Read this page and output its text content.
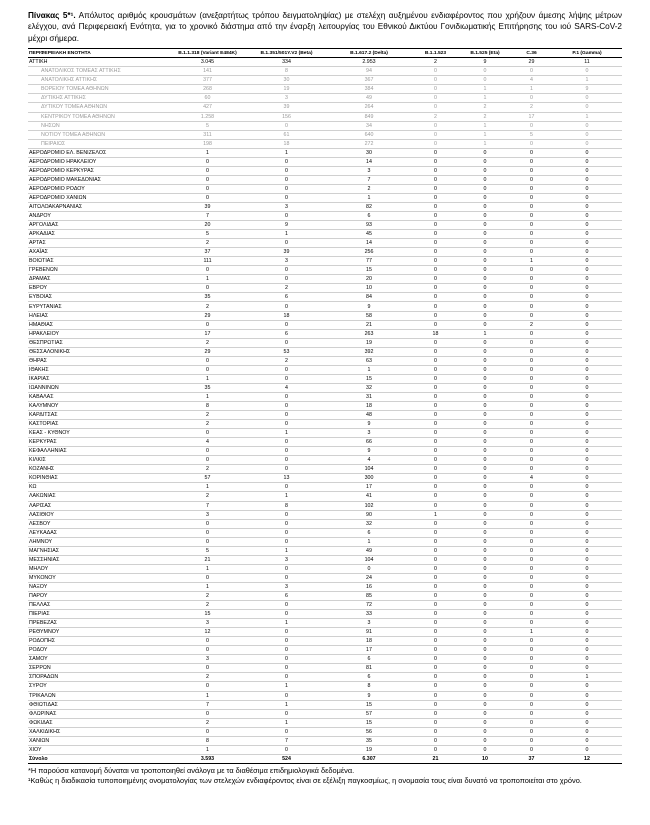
Πίνακας 5*¹. Απόλυτος αριθμός κρουσμάτων (ανεξαρτήτως τρόπου δειγματοληψίας) με στελέχη αυξημένου ενδιαφέροντος που χρήζουν άμεσης λήψης μέτρων ελέγχου, ανά Περιφερειακή Ενότητα, για το χρονικό διάστημα από την έναρξη λειτουργίας του Εθνικού Δικτύου Γονιδιωματικής Επιτήρησης του ιού SARS-CoV-2 μέχρι σήμερα.

ΠΕΡΙΦΕΡΕΙΑΚΗ ΕΝΟΤΗΤΑ	B.1.1.318 (Variant E484K)	B.1.351/501Y.V2 (Beta)	B.1.617.2 (Delta)	B.1.1.523	B.1.525 (Eta)	C.36	P.1 (Gamma)
ΑΤΤΙΚΗ	3.045	334	2.953	2	9	29	11
ΑΝΑΤΟΛΙΚΟΣ ΤΟΜΕΑΣ ΑΤΤΙΚΗΣ	141	8	94	0	0	0	0
ΑΝΑΤΟΛΙΚΗΣ ΑΤΤΙΚΗΣ	377	30	367	0	0	4	1
ΒΟΡΕΙΟΥ ΤΟΜΕΑ ΑΘΗΝΩΝ	268	19	384	0	1	1	9
ΔΥΤΙΚΗΣ ΑΤΤΙΚΗΣ	60	3	49	0	1	0	0
ΔΥΤΙΚΟΥ ΤΟΜΕΑ ΑΘΗΝΩΝ	427	39	264	0	2	2	0
ΚΕΝΤΡΙΚΟΥ ΤΟΜΕΑ ΑΘΗΝΩΝ	1.258	156	849	2	2	17	1
ΝΗΣΩΝ	5	0	34	0	1	0	0
ΝΟΤΙΟΥ ΤΟΜΕΑ ΑΘΗΝΩΝ	311	61	640	0	1	5	0
ΠΕΙΡΑΙΩΣ	198	18	272	0	1	0	0
ΑΕΡΟΔΡΟΜΙΟ ΕΛ. ΒΕΝΙΖΕΛΟΣ	1	1	30	0	0	0	0
ΑΕΡΟΔΡΟΜΙΟ ΗΡΑΚΛΕΙΟΥ	0	0	14	0	0	0	0
ΑΕΡΟΔΡΟΜΙΟ ΚΕΡΚΥΡΑΣ	0	0	3	0	0	0	0
ΑΕΡΟΔΡΟΜΙΟ ΜΑΚΕΔΟΝΙΑΣ	0	0	7	0	0	0	0
ΑΕΡΟΔΡΟΜΙΟ ΡΟΔΟΥ	0	0	2	0	0	0	0
ΑΕΡΟΔΡΟΜΙΟ ΧΑΝΙΩΝ	0	0	1	0	0	0	0
ΑΙΤΩΛΟΑΚΑΡΝΑΝΙΑΣ	39	3	82	0	0	0	0
ΑΝΔΡΟΥ	7	0	6	0	0	0	0
ΑΡΓΟΛΙΔΑΣ	20	9	93	0	0	0	0
ΑΡΚΑΔΙΑΣ	5	1	45	0	0	0	0
ΑΡΤΑΣ	2	0	14	0	0	0	0
ΑΧΑΪΑΣ	37	39	256	0	0	0	0
ΒΟΙΩΤΙΑΣ	111	3	77	0	0	1	0
ΓΡΕΒΕΝΩΝ	0	0	15	0	0	0	0
ΔΡΑΜΑΣ	1	0	20	0	0	0	0
ΕΒΡΟΥ	0	2	10	0	0	0	0
ΕΥΒΟΙΑΣ	35	6	84	0	0	0	0
ΕΥΡΥΤΑΝΙΑΣ	2	0	9	0	0	0	0
ΗΛΕΙΑΣ	29	18	58	0	0	0	0
ΗΜΑΘΙΑΣ	0	0	21	0	0	2	0
ΗΡΑΚΛΕΙΟΥ	17	6	263	18	1	0	0
ΘΕΣΠΡΩΤΙΑΣ	2	0	19	0	0	0	0
ΘΕΣΣΑΛΟΝΙΚΗΣ	29	53	392	0	0	0	0
ΘΗΡΑΣ	0	2	63	0	0	0	0
ΙΘΑΚΗΣ	0	0	1	0	0	0	0
ΙΚΑΡΙΑΣ	1	0	15	0	0	0	0
ΙΩΑΝΝΙΝΩΝ	35	4	32	0	0	0	0
ΚΑΒΑΛΑΣ	1	0	31	0	0	0	0
ΚΑΛΥΜΝΟΥ	8	0	18	0	0	0	0
ΚΑΡΔΙΤΣΑΣ	2	0	48	0	0	0	0
ΚΑΣΤΟΡΙΑΣ	2	0	9	0	0	0	0
ΚΕΑΣ - ΚΥΘΝΟΥ	0	1	3	0	0	0	0
ΚΕΡΚΥΡΑΣ	4	0	66	0	0	0	0
ΚΕΦΑΛΛΗΝΙΑΣ	0	0	9	0	0	0	0
ΚΙΛΚΙΣ	0	0	4	0	0	0	0
ΚΟΖΑΝΗΣ	2	0	104	0	0	0	0
ΚΟΡΙΝΘΙΑΣ	57	13	300	0	0	4	0
ΚΩ	1	0	17	0	0	0	0
ΛΑΚΩΝΙΑΣ	2	1	41	0	0	0	0
ΛΑΡΙΣΑΣ	7	8	102	0	0	0	0
ΛΑΣΙΘΙΟΥ	3	0	90	1	0	0	0
ΛΕΣΒΟΥ	0	0	32	0	0	0	0
ΛΕΥΚΑΔΑΣ	0	0	6	0	0	0	0
ΛΗΜΝΟΥ	0	0	1	0	0	0	0
ΜΑΓΝΗΣΙΑΣ	5	1	49	0	0	0	0
ΜΕΣΣΗΝΙΑΣ	21	3	104	0	0	0	0
ΜΗΛΟΥ	1	0	0	0	0	0	0
ΜΥΚΟΝΟΥ	0	0	24	0	0	0	0
ΝΑΞΟΥ	1	3	16	0	0	0	0
ΠΑΡΟΥ	2	6	85	0	0	0	0
ΠΕΛΛΑΣ	2	0	72	0	0	0	0
ΠΙΕΡΙΑΣ	15	0	33	0	0	0	0
ΠΡΕΒΕΖΑΣ	3	1	3	0	0	0	0
ΡΕΘΥΜΝΟΥ	12	0	91	0	0	1	0
ΡΟΔΟΠΗΣ	0	0	18	0	0	0	0
ΡΟΔΟΥ	0	0	17	0	0	0	0
ΣΑΜΟΥ	3	0	6	0	0	0	0
ΣΕΡΡΩΝ	0	0	81	0	0	0	0
ΣΠΟΡΑΔΩΝ	2	0	6	0	0	0	1
ΣΥΡΟΥ	0	1	8	0	0	0	0
ΤΡΙΚΑΛΩΝ	1	0	9	0	0	0	0
ΦΘΙΩΤΙΔΑΣ	7	1	15	0	0	0	0
ΦΛΩΡΙΝΑΣ	0	0	57	0	0	0	0
ΦΩΚΙΔΑΣ	2	1	15	0	0	0	0
ΧΑΛΚΙΔΙΚΗΣ	0	0	56	0	0	0	0
ΧΑΝΙΩΝ	8	7	35	0	0	0	0
ΧΙΟΥ	1	0	19	0	0	0	0
Σύνολο	3.593	524	6.307	21	10	37	12

*Η παρούσα κατανομή δύναται να τροποποιηθεί ανάλογα με τα διαθέσιμα επιδημιολογικά δεδομένα.

¹Καθώς η διαδικασία τυποποιημένης ονοματολογίας των στελεχών ενδιαφέροντος είναι σε εξέλιξη παγκοσμίως, η ονομασία τους είναι δυνατό να τροποποιείται στο χρόνο.
